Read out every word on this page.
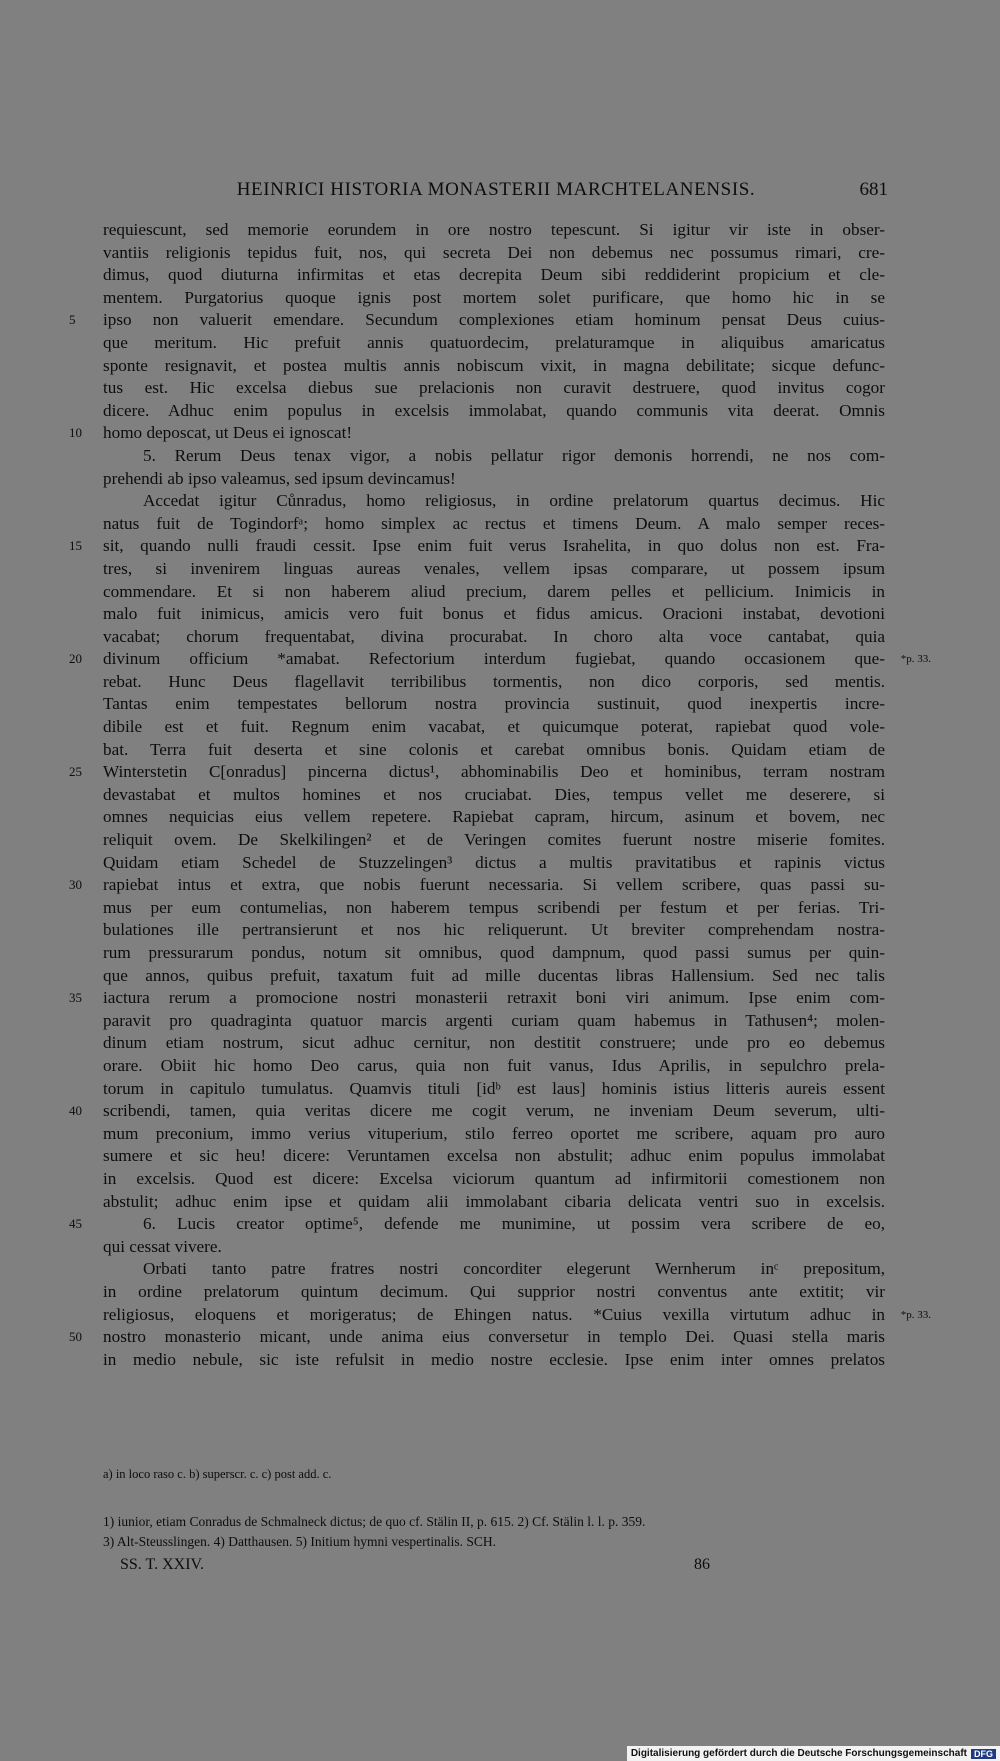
HEINRICI HISTORIA MONASTERII MARCHTELANENSIS.	681
requiescunt, sed memorie eorundem in ore nostro tepescunt. Si igitur vir iste in obser-
vantiis religionis tepidus fuit, nos, qui secreta Dei non debemus nec possumus rimari, cre-
dimus, quod diuturna infirmitas et etas decrepita Deum sibi reddiderint propicium et cle-
mentem. Purgatorius quoque ignis post mortem solet purificare, que homo hic in se
5	ipso non valuerit emendare. Secundum complexiones etiam hominum pensat Deus cuius-
que meritum. Hic prefuit annis quatuordecim, prelaturamque in aliquibus amaricatus
sponte resignavit, et postea multis annis nobiscum vixit, in magna debilitate; sicque defunc-
tus est. Hic excelsa diebus sue prelacionis non curavit destruere, quod invitus cogor
dicere. Adhuc enim populus in excelsis immolabat, quando communis vita deerat. Omnis
10	homo deposcat, ut Deus ei ignoscat!
5. Rerum Deus tenax vigor, a nobis pellatur rigor demonis horrendi, ne nos com-
prehendi ab ipso valeamus, sed ipsum devincamus!
Accedat igitur Cůnradus, homo religiosus, in ordine prelatorum quartus decimus. Hic
natus fuit de Togindorfᵃ; homo simplex ac rectus et timens Deum. A malo semper reces-
15	sit, quando nulli fraudi cessit. Ipse enim fuit verus Israhelita, in quo dolus non est. Fra-
tres, si invenirem linguas aureas venales, vellem ipsas comparare, ut possem ipsum
commendare. Et si non haberem aliud precium, darem pelles et pellicium. Inimicis in
malo fuit inimicus, amicis vero fuit bonus et fidus amicus. Oracioni instabat, devotioni
vacabat; chorum frequentabat, divina procurabat. In choro alta voce cantabat, quia
20	divinum officium *amabat. Refectorium interdum fugiebat, quando occasionem que- *p. 33.
rebat. Hunc Deus flagellavit terribilibus tormentis, non dico corporis, sed mentis.
Tantas enim tempestates bellorum nostra provincia sustinuit, quod inexpertis incre-
dibile est et fuit. Regnum enim vacabat, et quicumque poterat, rapiebat quod vole-
bat. Terra fuit deserta et sine colonis et carebat omnibus bonis. Quidam etiam de
25	Winterstetin C[onradus] pincerna dictus¹, abhominabilis Deo et hominibus, terram nostram
devastabat et multos homines et nos cruciabat. Dies, tempus vellet me deserere, si
omnes nequicias eius vellem repetere. Rapiebat capram, hircum, asinum et bovem, nec
reliquit ovem. De Skelkilingen² et de Veringen comites fuerunt nostre miserie fomites.
Quidam etiam Schedel de Stuzzelingen³ dictus a multis pravitatibus et rapinis victus
30	rapiebat intus et extra, que nobis fuerunt necessaria. Si vellem scribere, quas passi su-
mus per eum contumelias, non haberem tempus scribendi per festum et per ferias. Tri-
bulationes ille pertransierunt et nos hic reliquerunt. Ut breviter comprehendam nostra-
rum pressurarum pondus, notum sit omnibus, quod dampnum, quod passi sumus per quin-
que annos, quibus prefuit, taxatum fuit ad mille ducentas libras Hallensium. Sed nec talis
35	iactura rerum a promocione nostri monasterii retraxit boni viri animum. Ipse enim com-
paravit pro quadraginta quatuor marcis argenti curiam quam habemus in Tathusen⁴; molen-
dinum etiam nostrum, sicut adhuc cernitur, non destitit construere; unde pro eo debemus
orare. Obiit hic homo Deo carus, quia non fuit vanus, Idus Aprilis, in sepulchro prela-
torum in capitulo tumulatus. Quamvis tituli [idᵇ est laus] hominis istius litteris aureis essent
40	scribendi, tamen, quia veritas dicere me cogit verum, ne inveniam Deum severum, ulti-
mum preconium, immo verius vituperium, stilo ferreo oportet me scribere, aquam pro auro
sumere et sic heu! dicere: Veruntamen excelsa non abstulit; adhuc enim populus immolabat
in excelsis. Quod est dicere: Excelsa viciorum quantum ad infirmitorii comestionem non
abstulit; adhuc enim ipse et quidam alii immolabant cibaria delicata ventri suo in excelsis.
45	6. Lucis creator optime⁵, defende me munimine, ut possim vera scribere de eo,
qui cessat vivere.
Orbati tanto patre fratres nostri concorditer elegerunt Wernherum inᶜ prepositum,
in ordine prelatorum quintum decimum. Qui supprior nostri conventus ante extitit; vir
religiosus, eloquens et morigeratus; de Ehingen natus. *Cuius vexilla virtutum adhuc in *p. 33.
50	nostro monasterio micant, unde anima eius conversetur in templo Dei. Quasi stella maris
in medio nebule, sic iste refulsit in medio nostre ecclesie. Ipse enim inter omnes prelatos
a) in loco raso c. b) superscr. c. c) post add. c.
1) iunior, etiam Conradus de Schmalneck dictus; de quo cf. Stälin II, p. 615. 2) Cf. Stälin l. l. p. 359.
3) Alt-Steusslingen. 4) Datthausen. 5) Initium hymni vespertinalis. SCH.
SS. T. XXIV.	86
Digitalisierung gefördert durch die Deutsche Forschungsgemeinschaft DFG
